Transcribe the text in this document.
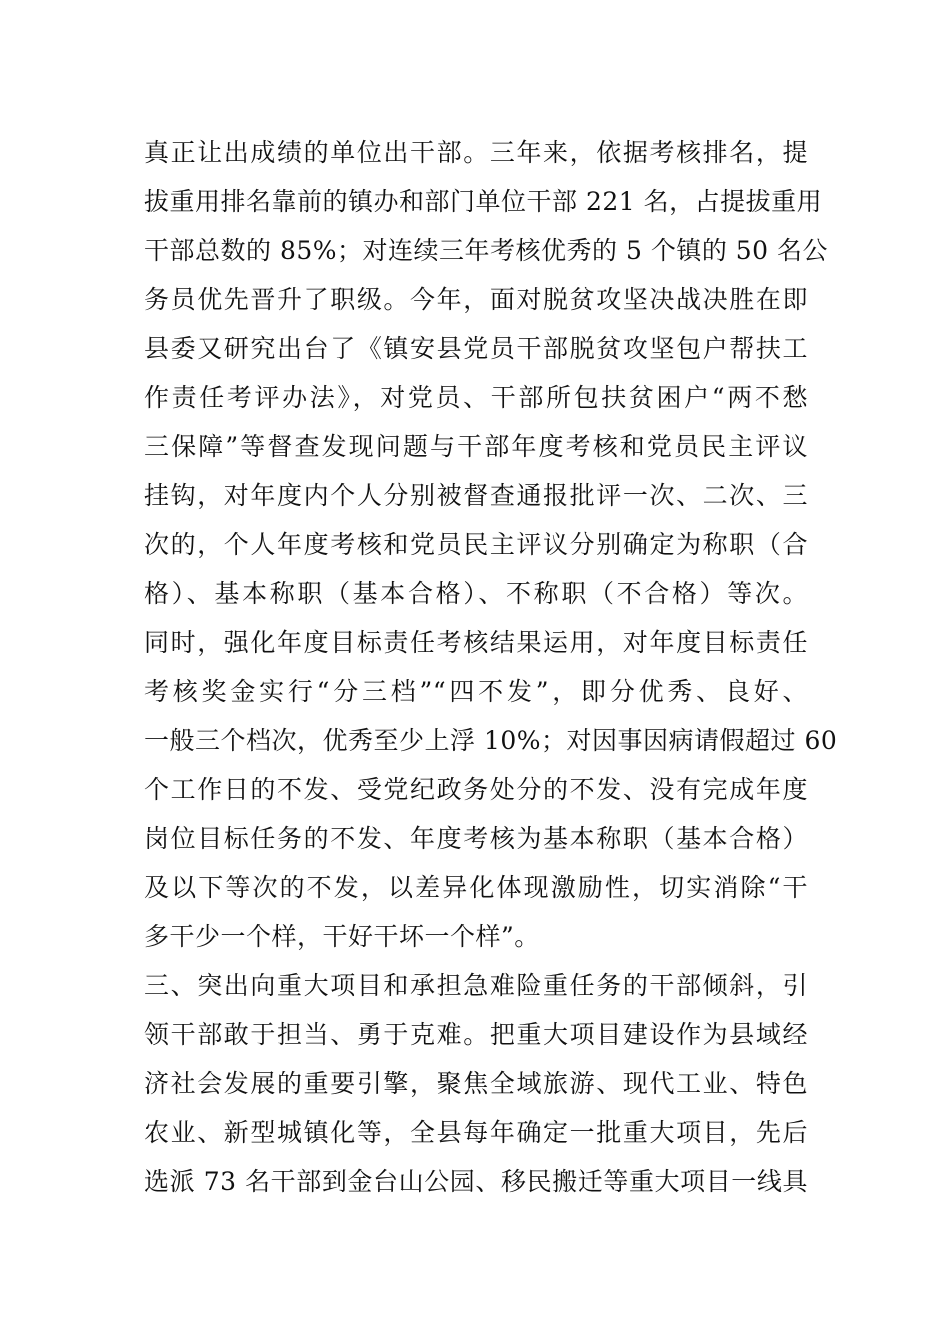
真正让出成绩的单位出干部。三年来，依据考核排名，提
拔重用排名靠前的镇办和部门单位干部 221 名，占提拔重用
干部总数的 85%；对连续三年考核优秀的 5 个镇的 50 名公
务员优先晋升了职级。今年，面对脱贫攻坚决战决胜在即
县委又研究出台了《镇安县党员干部脱贫攻坚包户帮扶工
作责任考评办法》，对党员、干部所包扶贫困户“两不愁
三保障”等督查发现问题与干部年度考核和党员民主评议
挂钩，对年度内个人分别被督查通报批评一次、二次、三
次的，个人年度考核和党员民主评议分别确定为称职（合
格）、基本称职（基本合格）、不称职（不合格）等次。
同时，强化年度目标责任考核结果运用，对年度目标责任
考核奖金实行“分三档”“四不发”，即分优秀、良好、
一般三个档次，优秀至少上浮 10%；对因事因病请假超过 60
个工作日的不发、受党纪政务处分的不发、没有完成年度
岗位目标任务的不发、年度考核为基本称职（基本合格）
及以下等次的不发，以差异化体现激励性，切实消除“干
多干少一个样，干好干坏一个样”。
三、突出向重大项目和承担急难险重任务的干部倾斜，引
领干部敢于担当、勇于克难。把重大项目建设作为县域经
济社会发展的重要引擎，聚焦全域旅游、现代工业、特色
农业、新型城镇化等，全县每年确定一批重大项目，先后
选派 73 名干部到金台山公园、移民搬迁等重大项目一线具
